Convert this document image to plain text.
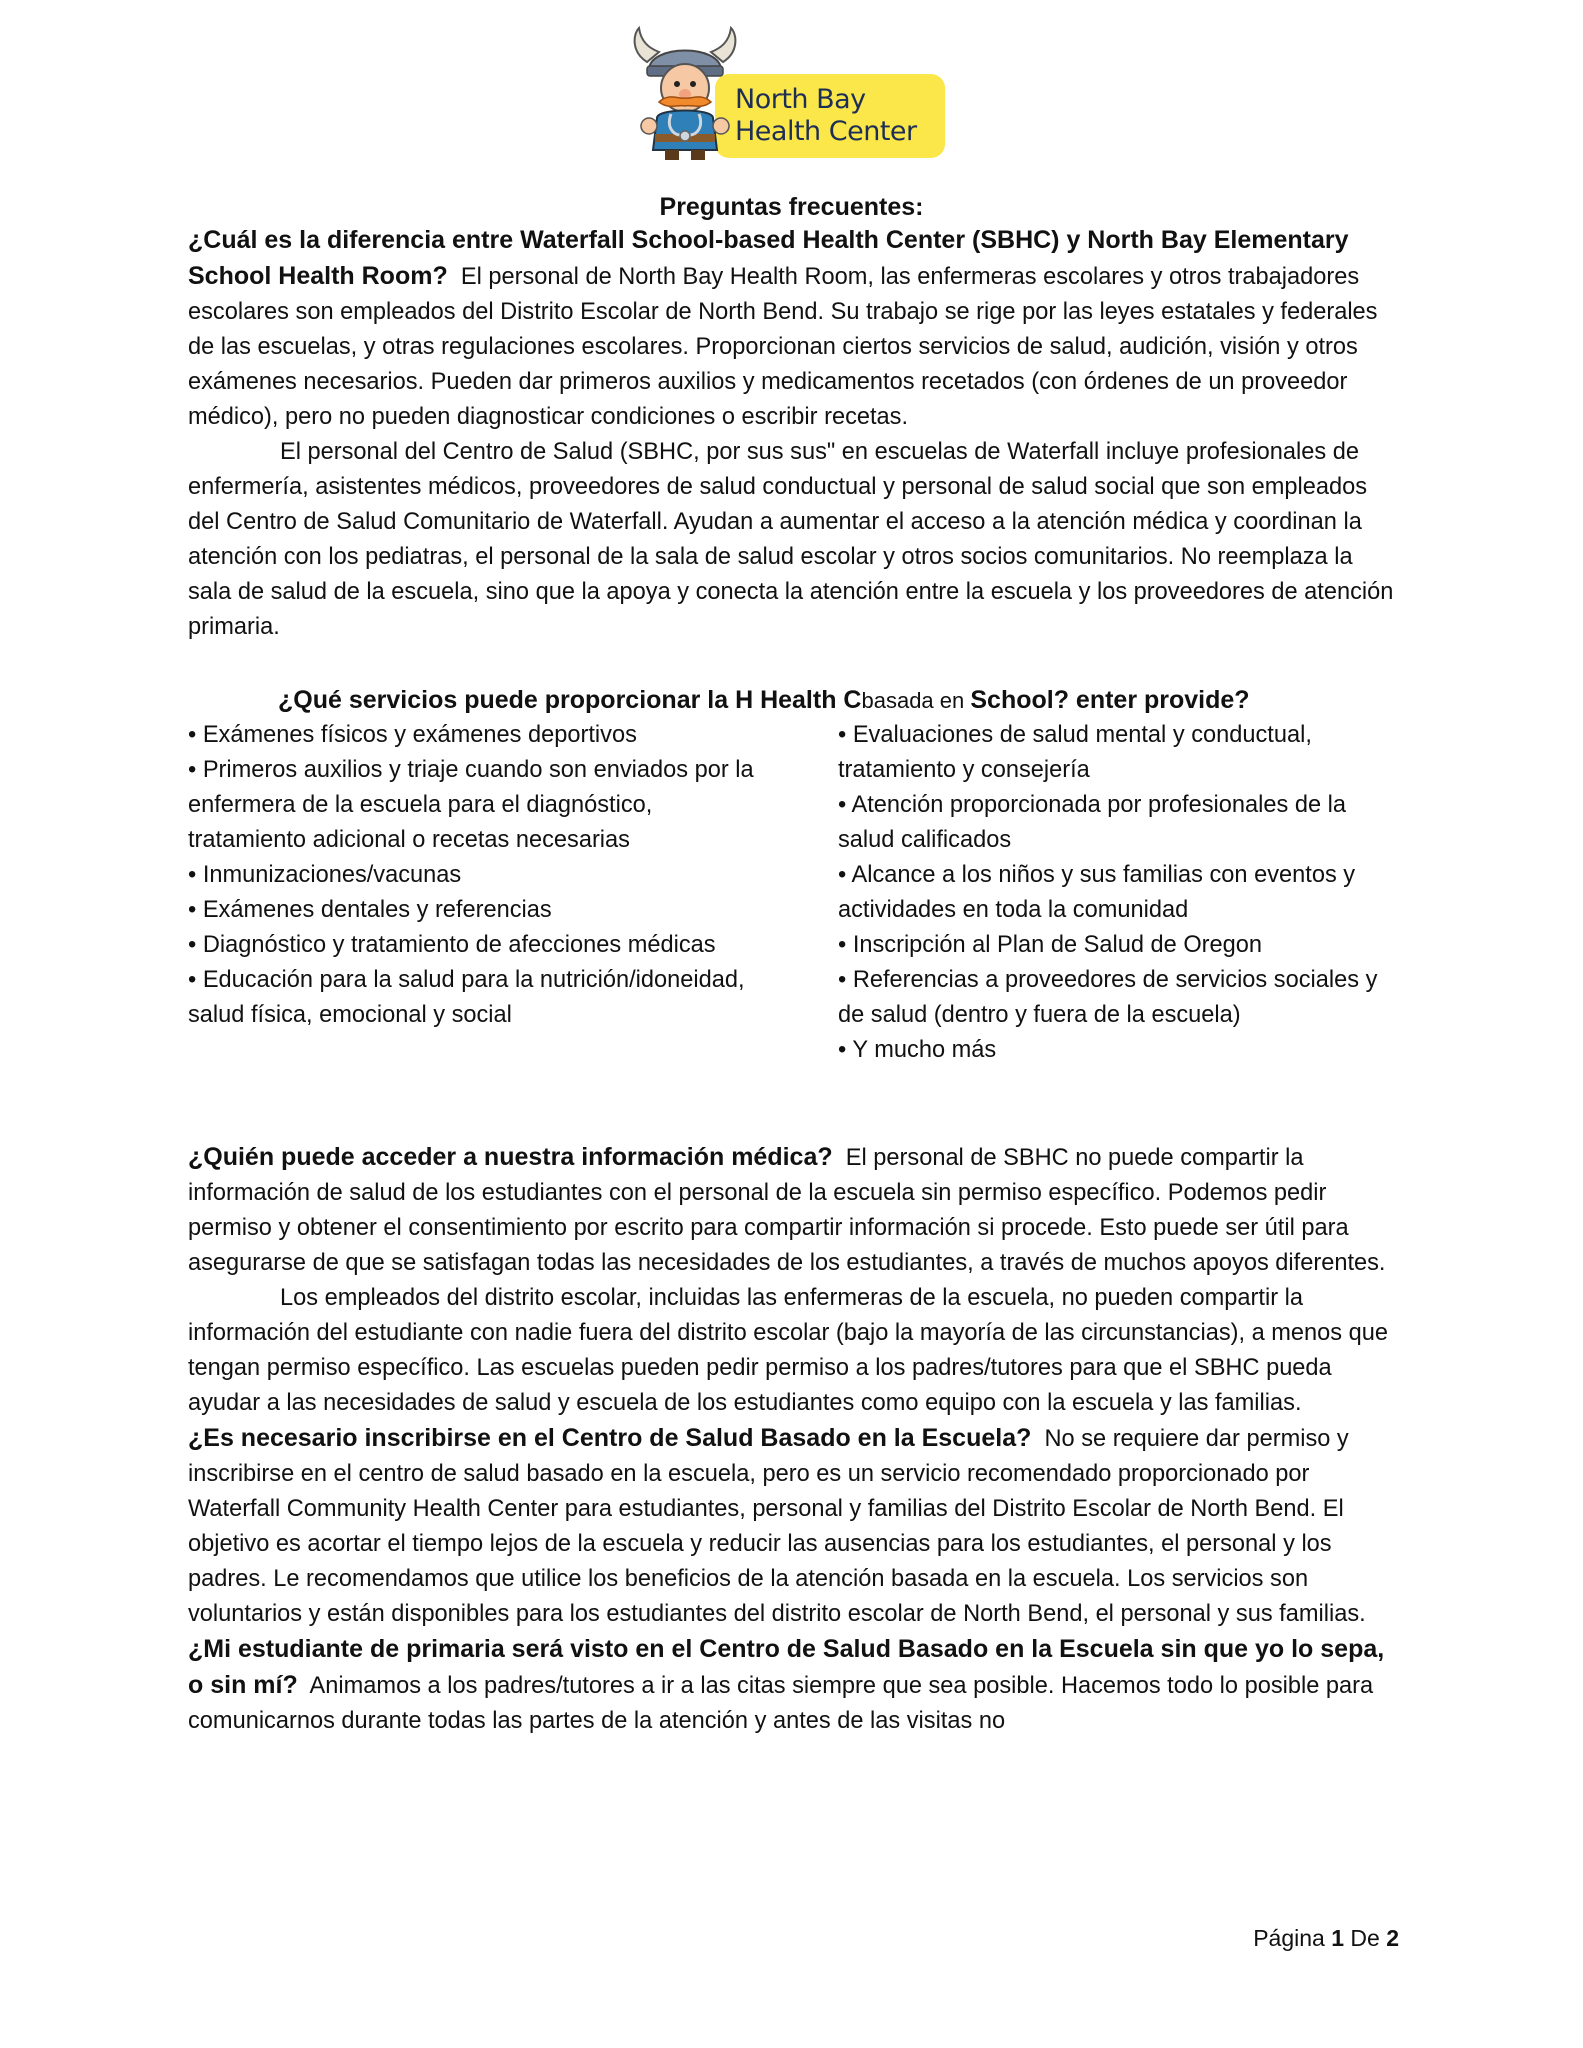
North Bay
Health Center
Preguntas frecuentes:

¿Cuál es la diferencia entre Waterfall School-based Health Center (SBHC) y North Bay Elementary School Health Room? El personal de North Bay Health Room, las enfermeras escolares y otros trabajadores escolares son empleados del Distrito Escolar de North Bend. Su trabajo se rige por las leyes estatales y federales de las escuelas, y otras regulaciones escolares. Proporcionan ciertos servicios de salud, audición, visión y otros exámenes necesarios. Pueden dar primeros auxilios y medicamentos recetados (con órdenes de un proveedor médico), pero no pueden diagnosticar condiciones o escribir recetas.

El personal del Centro de Salud (SBHC, por sus sus" en escuelas de Waterfall incluye profesionales de enfermería, asistentes médicos, proveedores de salud conductual y personal de salud social que son empleados del Centro de Salud Comunitario de Waterfall. Ayudan a aumentar el acceso a la atención médica y coordinan la atención con los pediatras, el personal de la sala de salud escolar y otros socios comunitarios. No reemplaza la sala de salud de la escuela, sino que la apoya y conecta la atención entre la escuela y los proveedores de atención primaria.

¿Qué servicios puede proporcionar la H Health Cbasada en School? enter provide?
• Exámenes físicos y exámenes deportivos
• Primeros auxilios y triaje cuando son enviados por la enfermera de la escuela para el diagnóstico, tratamiento adicional o recetas necesarias
• Inmunizaciones/vacunas
• Exámenes dentales y referencias
• Diagnóstico y tratamiento de afecciones médicas
• Educación para la salud para la nutrición/idoneidad, salud física, emocional y social
• Evaluaciones de salud mental y conductual, tratamiento y consejería
• Atención proporcionada por profesionales de la salud calificados
• Alcance a los niños y sus familias con eventos y actividades en toda la comunidad
• Inscripción al Plan de Salud de Oregon
• Referencias a proveedores de servicios sociales y de salud (dentro y fuera de la escuela)
• Y mucho más

¿Quién puede acceder a nuestra información médica? El personal de SBHC no puede compartir la información de salud de los estudiantes con el personal de la escuela sin permiso específico. Podemos pedir permiso y obtener el consentimiento por escrito para compartir información si procede. Esto puede ser útil para asegurarse de que se satisfagan todas las necesidades de los estudiantes, a través de muchos apoyos diferentes.

Los empleados del distrito escolar, incluidas las enfermeras de la escuela, no pueden compartir la información del estudiante con nadie fuera del distrito escolar (bajo la mayoría de las circunstancias), a menos que tengan permiso específico. Las escuelas pueden pedir permiso a los padres/tutores para que el SBHC pueda ayudar a las necesidades de salud y escuela de los estudiantes como equipo con la escuela y las familias.

¿Es necesario inscribirse en el Centro de Salud Basado en la Escuela? No se requiere dar permiso y inscribirse en el centro de salud basado en la escuela, pero es un servicio recomendado proporcionado por Waterfall Community Health Center para estudiantes, personal y familias del Distrito Escolar de North Bend. El objetivo es acortar el tiempo lejos de la escuela y reducir las ausencias para los estudiantes, el personal y los padres. Le recomendamos que utilice los beneficios de la atención basada en la escuela. Los servicios son voluntarios y están disponibles para los estudiantes del distrito escolar de North Bend, el personal y sus familias.

¿Mi estudiante de primaria será visto en el Centro de Salud Basado en la Escuela sin que yo lo sepa, o sin mí? Animamos a los padres/tutores a ir a las citas siempre que sea posible. Hacemos todo lo posible para comunicarnos durante todas las partes de la atención y antes de las visitas no

Página 1 De 2
